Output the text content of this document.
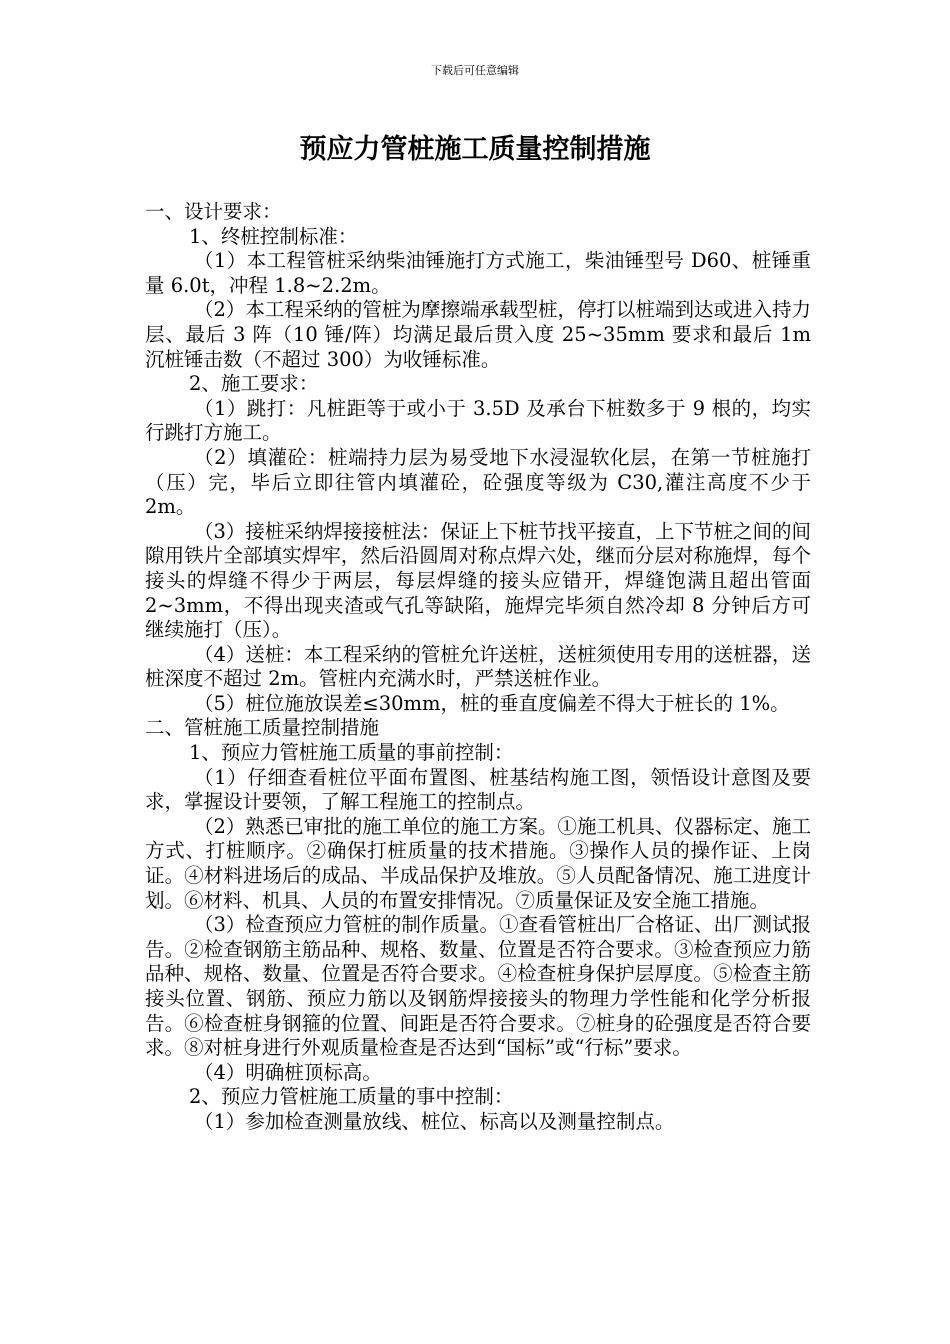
下载后可任意编辑
预应力管桩施工质量控制措施

一、设计要求：

1、终桩控制标准：

（1）本工程管桩采纳柴油锤施打方式施工，柴油锤型号 D60、桩锤重量 6.0t，冲程 1.8~2.2m。

（2）本工程采纳的管桩为摩擦端承载型桩，停打以桩端到达或进入持力层、最后 3 阵（10 锤/阵）均满足最后贯入度 25~35mm 要求和最后 1m 沉桩锤击数（不超过 300）为收锤标准。

2、施工要求：

（1）跳打：凡桩距等于或小于 3.5D 及承台下桩数多于 9 根的，均实行跳打方施工。

（2）填灌砼：桩端持力层为易受地下水浸湿软化层，在第一节桩施打（压）完，毕后立即往管内填灌砼，砼强度等级为 C30,灌注高度不少于 2m。

（3）接桩采纳焊接接桩法：保证上下桩节找平接直，上下节桩之间的间隙用铁片全部填实焊牢，然后沿圆周对称点焊六处，继而分层对称施焊，每个接头的焊缝不得少于两层，每层焊缝的接头应错开，焊缝饱满且超出管面 2~3mm，不得出现夹渣或气孔等缺陷，施焊完毕须自然冷却 8 分钟后方可继续施打（压）。

（4）送桩：本工程采纳的管桩允许送桩，送桩须使用专用的送桩器，送桩深度不超过 2m。管桩内充满水时，严禁送桩作业。

（5）桩位施放误差≤30mm，桩的垂直度偏差不得大于桩长的 1%。

二、管桩施工质量控制措施

1、预应力管桩施工质量的事前控制：

（1）仔细查看桩位平面布置图、桩基结构施工图，领悟设计意图及要求，掌握设计要领，了解工程施工的控制点。

（2）熟悉已审批的施工单位的施工方案。①施工机具、仪器标定、施工方式、打桩顺序。②确保打桩质量的技术措施。③操作人员的操作证、上岗证。④材料进场后的成品、半成品保护及堆放。⑤人员配备情况、施工进度计划。⑥材料、机具、人员的布置安排情况。⑦质量保证及安全施工措施。

（3）检查预应力管桩的制作质量。①查看管桩出厂合格证、出厂测试报告。②检查钢筋主筋品种、规格、数量、位置是否符合要求。③检查预应力筋品种、规格、数量、位置是否符合要求。④检查桩身保护层厚度。⑤检查主筋接头位置、钢筋、预应力筋以及钢筋焊接接头的物理力学性能和化学分析报告。⑥检查桩身钢箍的位置、间距是否符合要求。⑦桩身的砼强度是否符合要求。⑧对桩身进行外观质量检查是否达到“国标”或“行标”要求。

（4）明确桩顶标高。

2、预应力管桩施工质量的事中控制：

（1）参加检查测量放线、桩位、标高以及测量控制点。
